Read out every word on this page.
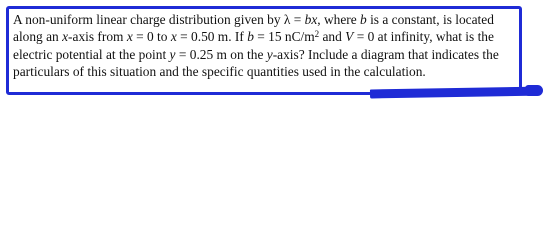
A non-uniform linear charge distribution given by λ = bx, where b is a constant, is located
along an x-axis from x = 0 to x = 0.50 m. If b = 15 $nC/m^2$ and V = 0 at infinity, what is the
electric potential at the point y = 0.25 m on the y-axis? Include a diagram that indicates the
particulars of this situation and the specific quantities used in the calculation.
